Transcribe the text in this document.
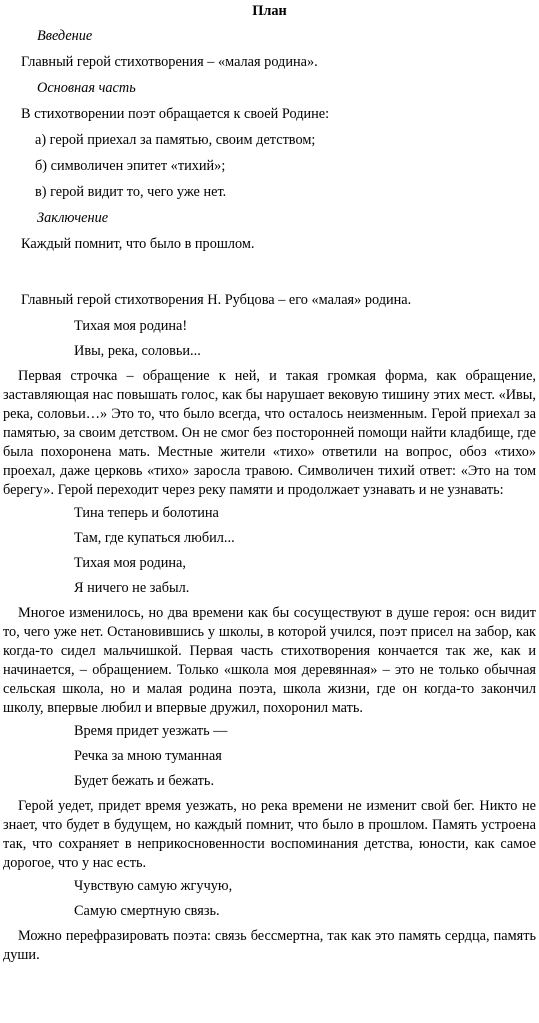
План
Введение
Главный герой стихотворения – «малая родина».
Основная часть
В стихотворении поэт обращается к своей Родине:
а) герой приехал за памятью, своим детством;
б) символичен эпитет «тихий»;
в) герой видит то, чего уже нет.
Заключение
Каждый помнит, что было в прошлом.
Главный герой стихотворения Н. Рубцова – его «малая» родина.
Тихая моя родина!
Ивы, река, соловьи...

Первая строчка – обращение к ней, и такая громкая форма, как обращение, заставляющая нас повышать голос, как бы нарушает вековую тишину этих мест. «Ивы, река, соловьи…» Это то, что было всегда, что осталось неизменным. Герой приехал за памятью, за своим детством. Он не смог без посторонней помощи найти кладбище, где была похоронена мать. Местные жители «тихо» ответили на вопрос, обоз «тихо» проехал, даже церковь «тихо» заросла травою. Символичен тихий ответ: «Это на том берегу». Герой переходит через реку памяти и продолжает узнавать и не узнавать:

Тина теперь и болотина
Там, где купаться любил...
Тихая моя родина,
Я ничего не забыл.

Многое изменилось, но два времени как бы сосуществуют в душе героя: осн видит то, чего уже нет. Остановившись у школы, в которой учился, поэт присел на забор, как когда-то сидел мальчишкой. Первая часть стихотворения кончается так же, как и начинается, – обращением. Только «школа моя деревянная» – это не только обычная сельская школа, но и малая родина поэта, школа жизни, где он когда-то закончил школу, впервые любил и впервые дружил, похоронил мать.

Время придет уезжать —
Речка за мною туманная
Будет бежать и бежать.

Герой уедет, придет время уезжать, но река времени не изменит свой бег. Никто не знает, что будет в будущем, но каждый помнит, что было в прошлом. Память устроена так, что сохраняет в неприкосновенности воспоминания детства, юности, как самое дорогое, что у нас есть.

Чувствую самую жгучую,
Самую смертную связь.

Можно перефразировать поэта: связь бессмертна, так как это память сердца, память души.
